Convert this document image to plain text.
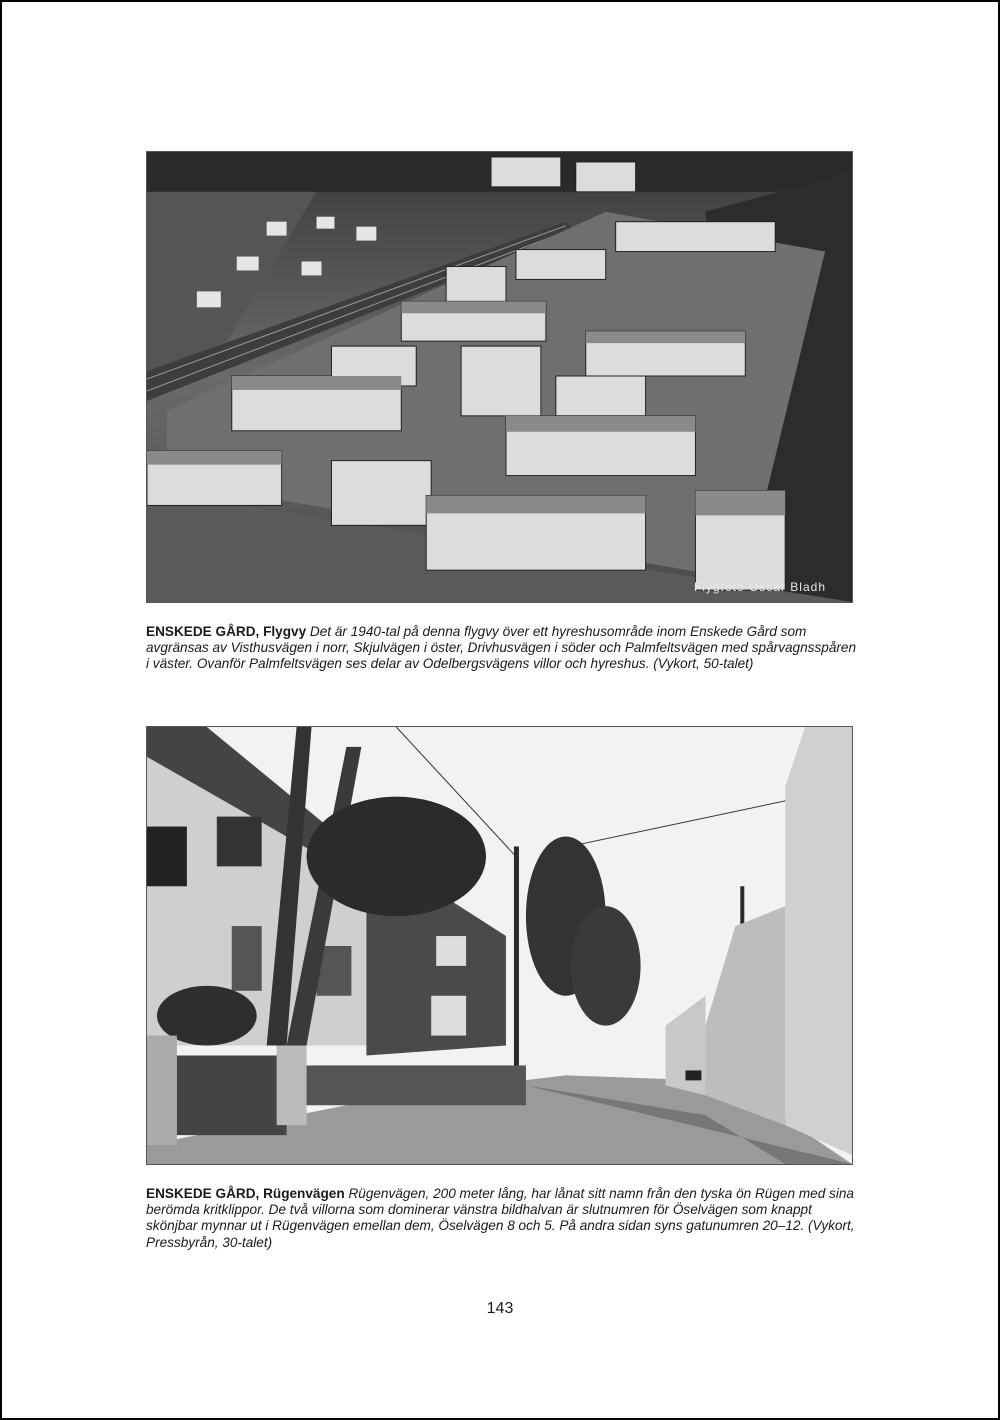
Flygfoto Oscar Bladh
ENSKEDE GÅRD, Flygvy Det är 1940-tal på denna flygvy över ett hyreshusområde inom Enskede Gård som avgränsas av Visthusvägen i norr, Skjulvägen i öster, Drivhusvägen i söder och Palmfeltsvägen med spårvagnsspåren i väster. Ovanför Palmfeltsvägen ses delar av Odelbergsvägens villor och hyreshus. (Vykort, 50-talet)
ENSKEDE GÅRD, Rügenvägen Rügenvägen, 200 meter lång, har lånat sitt namn från den tyska ön Rügen med sina berömda kritklippor. De två villorna som dominerar vänstra bildhalvan är slutnumren för Öselvägen som knappt skönjbar mynnar ut i Rügenvägen emellan dem, Öselvägen 8 och 5. På andra sidan syns gatunumren 20–12. (Vykort, Pressbyrån, 30-talet)
143
